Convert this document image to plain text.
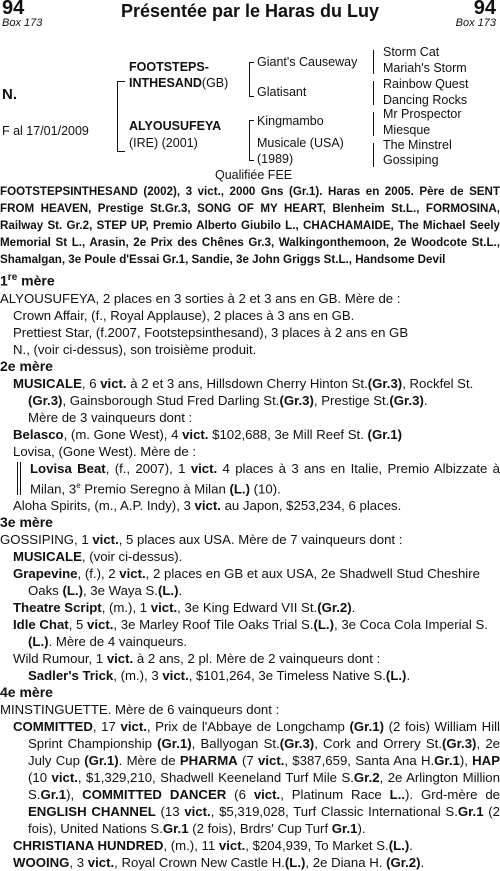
94	94
Box 173	Box 173
Présentée par le Haras du Luy
N.
F al 17/01/2009
FOOTSTEPS-
INTHESAND(GB)
ALYOUSUFEYA
(IRE) (2001)
Giant's Causeway
Glatisant
Kingmambo
Musicale (USA)
(1989)
Storm Cat
Mariah's Storm
Rainbow Quest
Dancing Rocks
Mr Prospector
Miesque
The Minstrel
Gossiping
Qualifiée FEE

FOOTSTEPSINTHESAND (2002), 3 vict., 2000 Gns (Gr.1). Haras en 2005. Père de SENT FROM HEAVEN, Prestige St.Gr.3, SONG OF MY HEART, Blenheim St.L., FORMOSINA, Railway St. Gr.2, STEP UP, Premio Alberto Giubilo L., CHACHAMAIDE, The Michael Seely Memorial St L., Arasin, 2e Prix des Chênes Gr.3, Walkingonthemoon, 2e Woodcote St.L., Shamalgan, 3e Poule d'Essai Gr.1, Sandie, 3e John Griggs St.L., Handsome Devil

1re mère

ALYOUSUFEYA, 2 places en 3 sorties à 2 et 3 ans en GB. Mère de :

Crown Affair, (f., Royal Applause), 2 places à 3 ans en GB.

Prettiest Star, (f.2007, Footstepsinthesand), 3 places à 2 ans en GB

N., (voir ci-dessus), son troisième produit.

2e mère

MUSICALE, 6 vict. à 2 et 3 ans, Hillsdown Cherry Hinton St.(Gr.3), Rockfel St.(Gr.3), Gainsborough Stud Fred Darling St.(Gr.3), Prestige St.(Gr.3).
Mère de 3 vainqueurs dont :

Belasco, (m. Gone West), 4 vict. $102,688, 3e Mill Reef St. (Gr.1)

Lovisa, (Gone West). Mère de :

Lovisa Beat, (f., 2007), 1 vict. 4 places à 3 ans en Italie, Premio Albizzate à Milan, 3e Premio Seregno à Milan (L.) (10).

Aloha Spirits, (m., A.P. Indy), 3 vict. au Japon, $253,234, 6 places.

3e mère

GOSSIPING, 1 vict., 5 places aux USA. Mère de 7 vainqueurs dont :

MUSICALE, (voir ci-dessus).

Grapevine, (f.), 2 vict., 2 places en GB et aux USA, 2e Shadwell Stud Cheshire Oaks (L.), 3e Waya S.(L.).

Theatre Script, (m.), 1 vict., 3e King Edward VII St.(Gr.2).

Idle Chat, 5 vict., 3e Marley Roof Tile Oaks Trial S.(L.), 3e Coca Cola Imperial S.(L.). Mère de 4 vainqueurs.

Wild Rumour, 1 vict. à 2 ans, 2 pl. Mère de 2 vainqueurs dont :

Sadler's Trick, (m.), 3 vict., $101,264, 3e Timeless Native S.(L.).

4e mère

MINSTINGUETTE. Mère de 6 vainqueurs dont :

COMMITTED, 17 vict., Prix de l'Abbaye de Longchamp (Gr.1) (2 fois) William Hill Sprint Championship (Gr.1), Ballyogan St.(Gr.3), Cork and Orrery St.(Gr.3), 2e July Cup (Gr.1). Mère de PHARMA (7 vict., $387,659, Santa Ana H.Gr.1), HAP (10 vict., $1,329,210, Shadwell Keeneland Turf Mile S.Gr.2, 2e Arlington Million S.Gr.1), COMMITTED DANCER (6 vict., Platinum Race L..). Grd-mère de ENGLISH CHANNEL (13 vict., $5,319,028, Turf Classic International S.Gr.1 (2 fois), United Nations S.Gr.1 (2 fois), Brdrs' Cup Turf Gr.1).

CHRISTIANA HUNDRED, (m.), 11 vict., $204,939, To Market S.(L.).

WOOING, 3 vict., Royal Crown New Castle H.(L.), 2e Diana H. (Gr.2).
